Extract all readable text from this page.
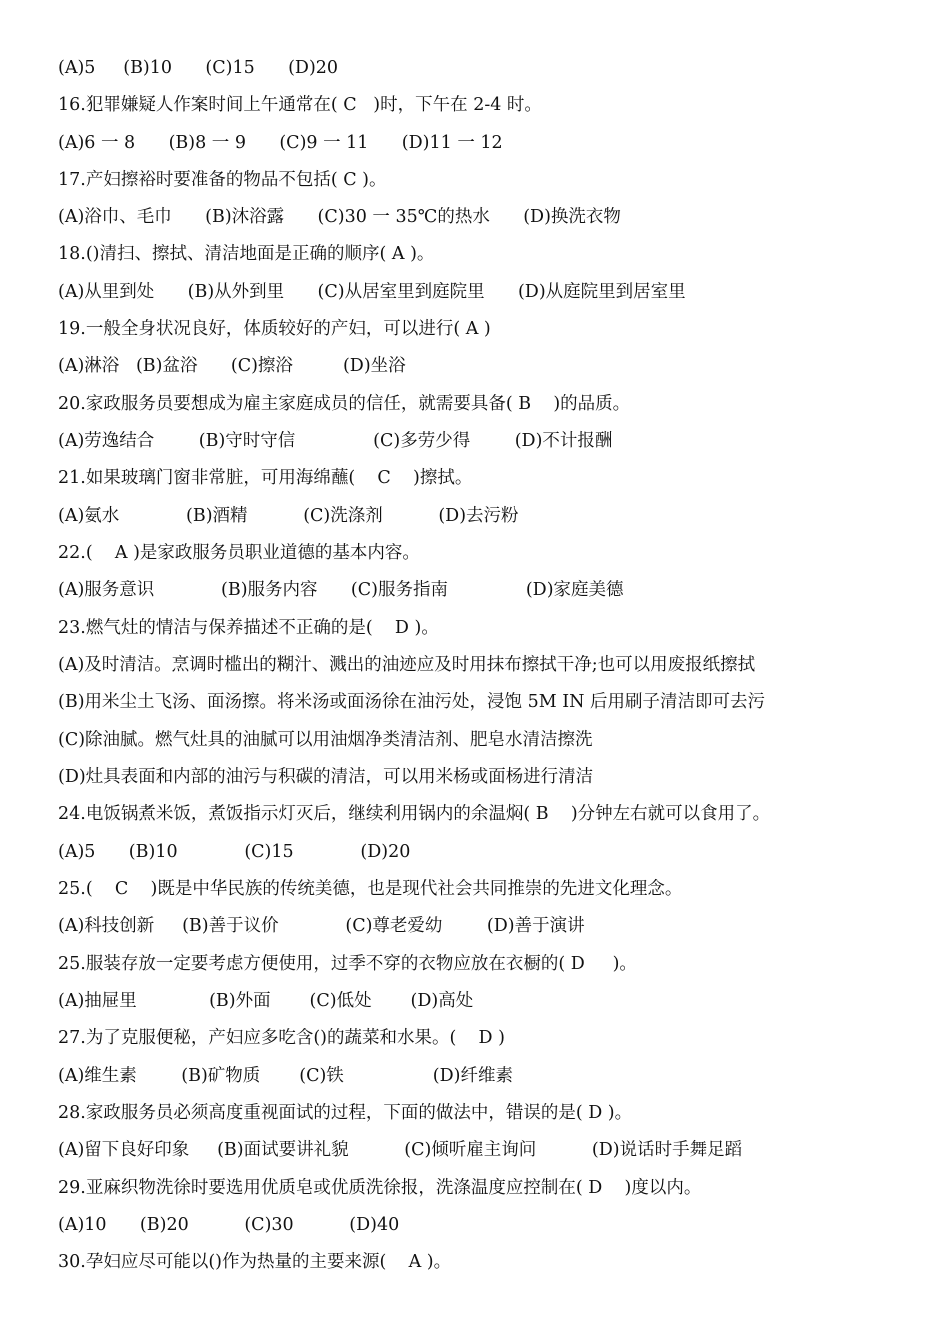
(A)5     (B)10      (C)15      (D)20
16.犯罪嫌疑人作案时间上午通常在( C   )时，下午在 2-4 时。
(A)6 一 8      (B)8 一 9      (C)9 一 11      (D)11 一 12
17.产妇擦裕时要准备的物品不包括( C )。
(A)浴巾、毛巾      (B)沐浴露      (C)30 一 35℃的热水      (D)换洗衣物
18.()清扫、擦拭、清洁地面是正确的顺序( A )。
(A)从里到处      (B)从外到里      (C)从居室里到庭院里      (D)从庭院里到居室里
19.一般全身状况良好，体质较好的产妇，可以进行( A )
(A)淋浴   (B)盆浴      (C)擦浴         (D)坐浴
20.家政服务员要想成为雇主家庭成员的信任，就需要具备( B    )的品质。
(A)劳逸结合        (B)守时守信              (C)多劳少得        (D)不计报酬
21.如果玻璃门窗非常脏，可用海绵蘸(    C    )擦拭。
(A)氨水            (B)酒精          (C)洗涤剂          (D)去污粉
22.(    A )是家政服务员职业道德的基本内容。
(A)服务意识            (B)服务内容      (C)服务指南              (D)家庭美德
23.燃气灶的情洁与保养描述不正确的是(    D )。
(A)及时清洁。烹调时槛出的糊汁、溅出的油迹应及时用抹布擦拭干净;也可以用废报纸擦拭
(B)用米尘土飞汤、面汤擦。将米汤或面汤徐在油污处，浸饱 5M IN 后用刷子清洁即可去污
(C)除油腻。燃气灶具的油腻可以用油烟净类清洁剂、肥皂水清洁擦洗
(D)灶具表面和内部的油污与积碳的清洁，可以用米杨或面杨进行清洁
24.电饭锅煮米饭，煮饭指示灯灭后，继续利用锅内的余温焖( B    )分钟左右就可以食用了。
(A)5      (B)10            (C)15            (D)20
25.(    C    )既是中华民族的传统美德，也是现代社会共同推崇的先进文化理念。
(A)科技创新     (B)善于议价            (C)尊老爱幼        (D)善于演讲
25.服装存放一定要考虑方便使用，过季不穿的衣物应放在衣橱的( D     )。
(A)抽屉里             (B)外面       (C)低处       (D)高处
27.为了克服便秘，产妇应多吃含()的蔬菜和水果。(    D )
(A)维生素        (B)矿物质       (C)铁                (D)纤维素
28.家政服务员必须高度重视面试的过程，下面的做法中，错误的是( D )。
(A)留下良好印象     (B)面试要讲礼貌          (C)倾听雇主询问          (D)说话时手舞足蹈
29.亚麻织物洗徐时要选用优质皂或优质洗徐报，洗涤温度应控制在( D    )度以内。
(A)10      (B)20          (C)30          (D)40
30.孕妇应尽可能以()作为热量的主要来源(    A )。
